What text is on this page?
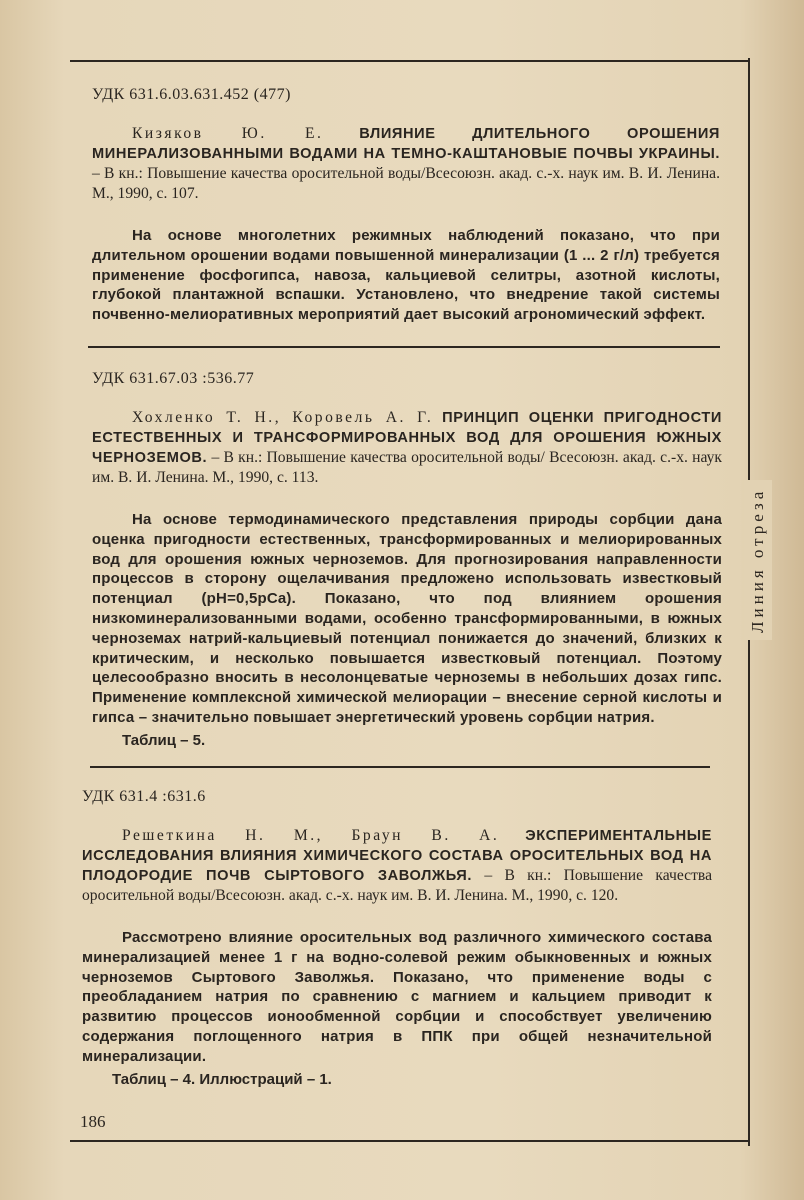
Линия отреза

УДК 631.6.03.631.452 (477)

Кизяков Ю. Е. ВЛИЯНИЕ ДЛИТЕЛЬНОГО ОРОШЕНИЯ МИНЕРАЛИЗОВАННЫМИ ВОДАМИ НА ТЕМНО-КАШТАНОВЫЕ ПОЧВЫ УКРАИНЫ. – В кн.: Повышение качества оросительной воды/Всесоюзн. акад. с.-х. наук им. В. И. Ленина. М., 1990, с. 107.

На основе многолетних режимных наблюдений показано, что при длительном орошении водами повышенной минерализации (1 ... 2 г/л) требуется применение фосфогипса, навоза, кальциевой селитры, азотной кислоты, глубокой плантажной вспашки. Установлено, что внедрение такой системы почвенно-мелиоративных мероприятий дает высокий агрономический эффект.

УДК 631.67.03 :536.77

Хохленко Т. Н., Коровель А. Г. ПРИНЦИП ОЦЕНКИ ПРИГОДНОСТИ ЕСТЕСТВЕННЫХ И ТРАНСФОРМИРОВАННЫХ ВОД ДЛЯ ОРОШЕНИЯ ЮЖНЫХ ЧЕРНОЗЕМОВ. – В кн.: Повышение качества оросительной воды/ Всесоюзн. акад. с.-х. наук им. В. И. Ленина. М., 1990, с. 113.

На основе термодинамического представления природы сорбции дана оценка пригодности естественных, трансформированных и мелиорированных вод для орошения южных черноземов. Для прогнозирования направленности процессов в сторону ощелачивания предложено использовать известковый потенциал (pH=0,5pCa). Показано, что под влиянием орошения низкоминерализованными водами, особенно трансформированными, в южных черноземах натрий-кальциевый потенциал понижается до значений, близких к критическим, и несколько повышается известковый потенциал. Поэтому целесообразно вносить в несолонцеватые черноземы в небольших дозах гипс. Применение комплексной химической мелиорации – внесение серной кислоты и гипса – значительно повышает энергетический уровень сорбции натрия.

Таблиц – 5.

УДК 631.4 :631.6

Решеткина Н. М., Браун В. А. ЭКСПЕРИМЕНТАЛЬНЫЕ ИССЛЕДОВАНИЯ ВЛИЯНИЯ ХИМИЧЕСКОГО СОСТАВА ОРОСИТЕЛЬНЫХ ВОД НА ПЛОДОРОДИЕ ПОЧВ СЫРТОВОГО ЗАВОЛЖЬЯ. – В кн.: Повышение качества оросительной воды/Всесоюзн. акад. с.-х. наук им. В. И. Ленина. М., 1990, с. 120.

Рассмотрено влияние оросительных вод различного химического состава минерализацией менее 1 г на водно-солевой режим обыкновенных и южных черноземов Сыртового Заволжья. Показано, что применение воды с преобладанием натрия по сравнению с магнием и кальцием приводит к развитию процессов ионообменной сорбции и способствует увеличению содержания поглощенного натрия в ППК при общей незначительной минерализации.

Таблиц – 4. Иллюстраций – 1.

186
